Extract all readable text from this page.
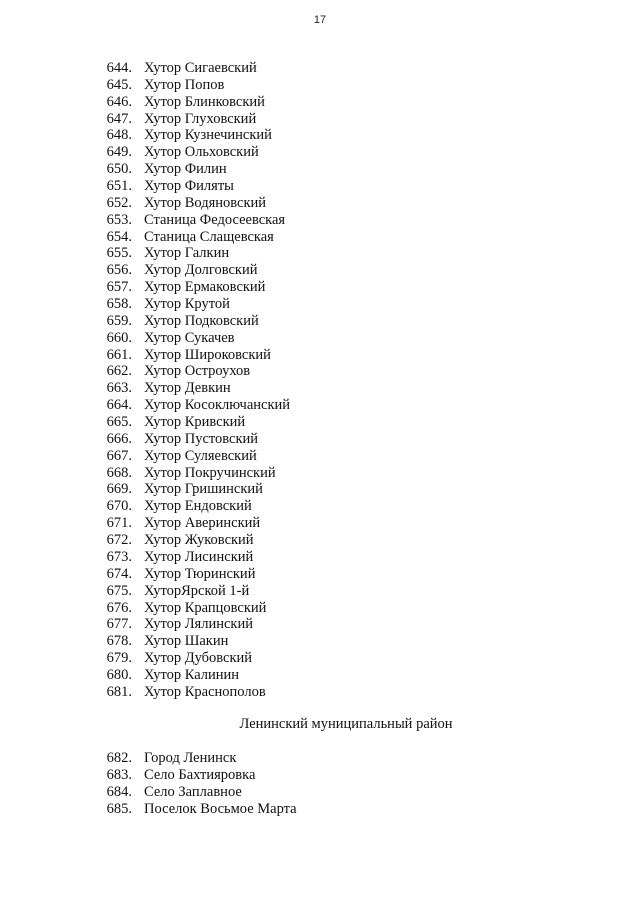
17
644. Хутор Сигаевский
645. Хутор Попов
646. Хутор Блинковский
647. Хутор Глуховский
648. Хутор Кузнечинский
649. Хутор Ольховский
650. Хутор Филин
651. Хутор Филяты
652. Хутор Водяновский
653. Станица Федосеевская
654. Станица Слащевская
655. Хутор Галкин
656. Хутор Долговский
657. Хутор Ермаковский
658. Хутор Крутой
659. Хутор Подковский
660. Хутор Сукачев
661. Хутор Широковский
662. Хутор Остроухов
663. Хутор Девкин
664. Хутор Косоключанский
665. Хутор Кривский
666. Хутор Пустовский
667. Хутор Суляевский
668. Хутор Покручинский
669. Хутор Гришинский
670. Хутор Ендовский
671. Хутор Аверинский
672. Хутор Жуковский
673. Хутор Лисинский
674. Хутор Тюринский
675. ХуторЯрской 1-й
676. Хутор Крапцовский
677. Хутор Лялинский
678. Хутор Шакин
679. Хутор Дубовский
680. Хутор Калинин
681. Хутор Краснополов
Ленинский муниципальный район
682. Город Ленинск
683. Село Бахтияровка
684. Село Заплавное
685. Поселок Восьмое Марта
